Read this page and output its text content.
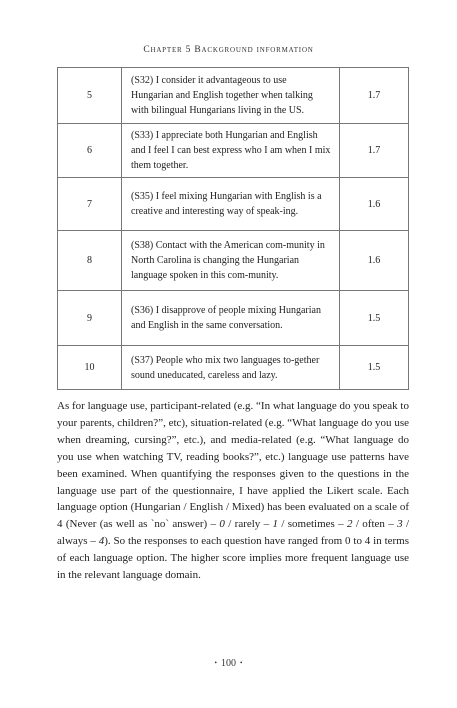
Chapter 5 Background information
5	(S32) I consider it advantageous to use Hungarian and English together when talking with bilingual Hungarians living in the US.	1.7
6	(S33) I appreciate both Hungarian and English and I feel I can best express who I am when I mix them together.	1.7
7	(S35) I feel mixing Hungarian with English is a creative and interesting way of speak-ing.	1.6
8	(S38) Contact with the American com-munity in North Carolina is changing the Hungarian language spoken in this com-munity.	1.6
9	(S36) I disapprove of people mixing Hungarian and English in the same conversation.	1.5
10	(S37) People who mix two languages to-gether sound uneducated, careless and lazy.	1.5

As for language use, participant-related (e.g. “In what language do you speak to your parents, children?”, etc), situation-related (e.g. “What language do you use when dreaming, cursing?”, etc.), and media-related (e.g. “What language do you use when watching TV, reading books?”, etc.) language use patterns have been examined. When quantifying the responses given to the questions in the language use part of the questionnaire, I have applied the Likert scale. Each language option (Hungarian / English / Mixed) has been evaluated on a scale of 4 (Never (as well as `no` answer) – 0 / rarely – 1 / sometimes – 2 / often – 3 / always – 4). So the responses to each question have ranged from 0 to 4 in terms of each language option. The higher score implies more frequent language use in the relevant language domain.

• 100 •
